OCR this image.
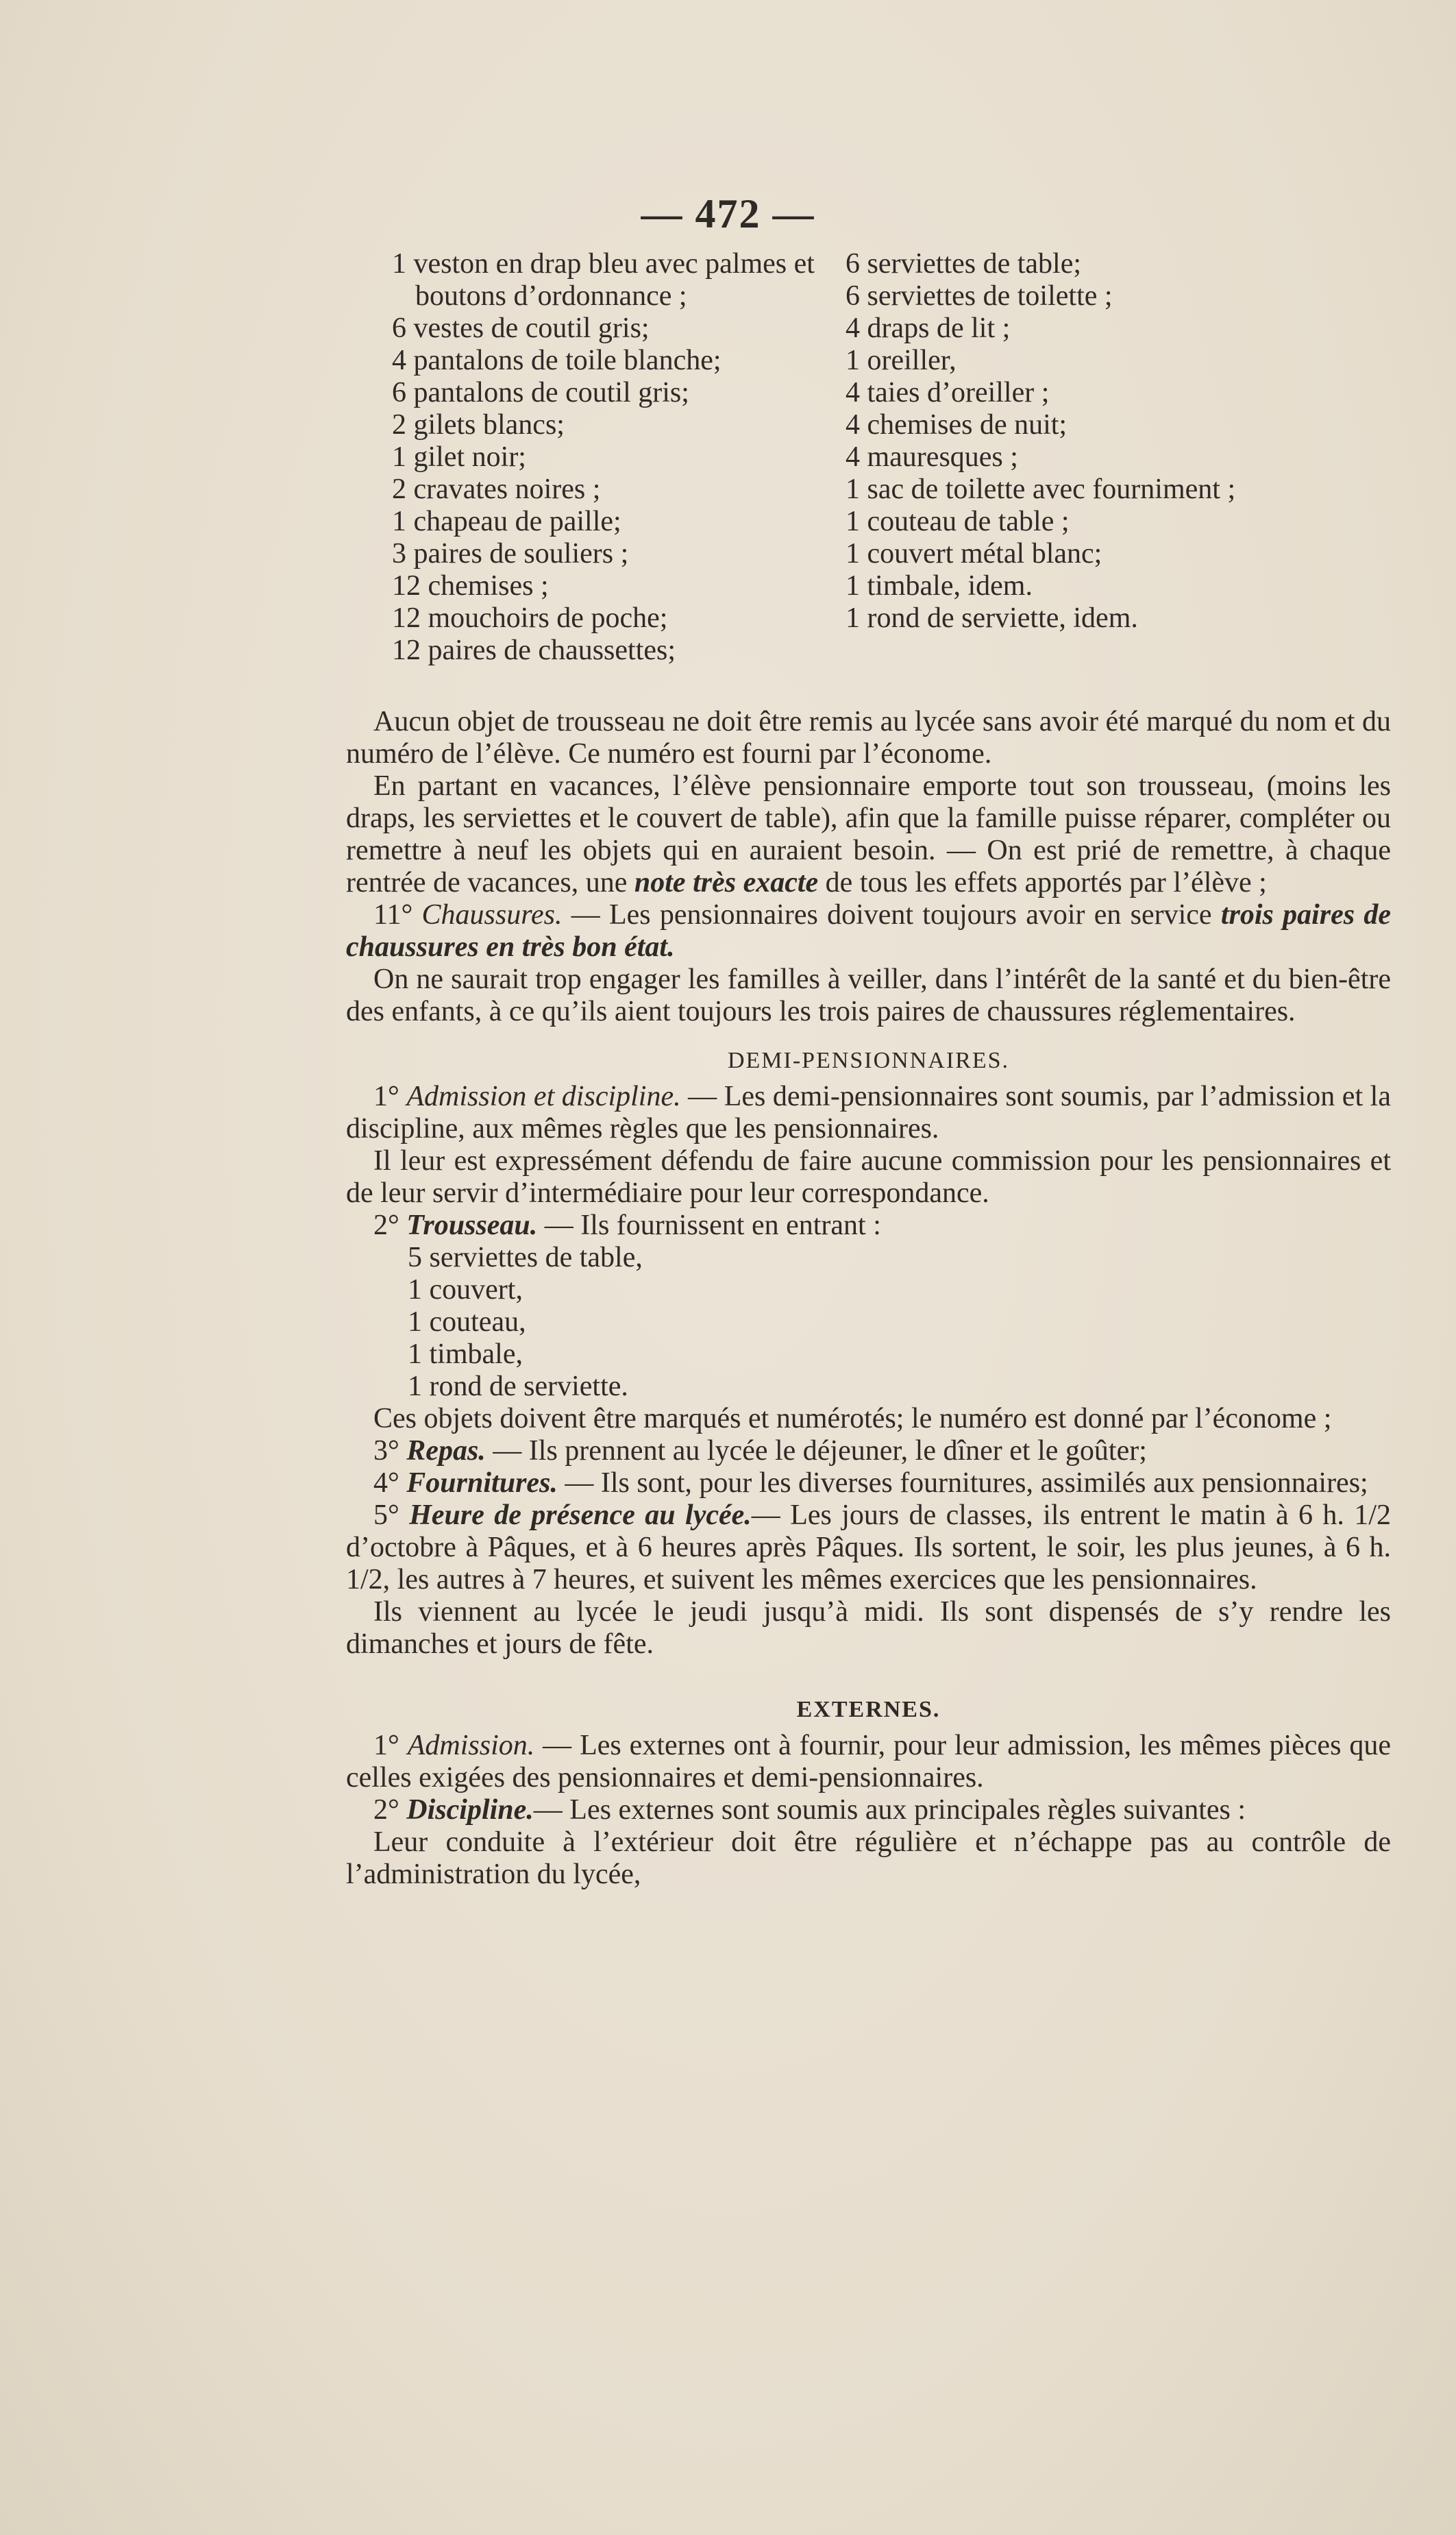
— 472 —

1 veston en drap bleu avec palmes et boutons d’ordonnance ;

6 vestes de coutil gris;

4 pantalons de toile blanche;

6 pantalons de coutil gris;

2 gilets blancs;

1 gilet noir;

2 cravates noires ;

1 chapeau de paille;

3 paires de souliers ;

12 chemises ;

12 mouchoirs de poche;

12 paires de chaussettes;

6 serviettes de table;

6 serviettes de toilette ;

4 draps de lit ;

1 oreiller,

4 taies d’oreiller ;

4 chemises de nuit;

4 mauresques ;

1 sac de toilette avec fourniment ;

1 couteau de table ;

1 couvert métal blanc;

1 timbale, idem.

1 rond de serviette, idem.

Aucun objet de trousseau ne doit être remis au lycée sans avoir été marqué du nom et du numéro de l’élève. Ce numéro est fourni par l’économe.

En partant en vacances, l’élève pensionnaire emporte tout son trousseau, (moins les draps, les serviettes et le couvert de table), afin que la famille puisse réparer, compléter ou remettre à neuf les objets qui en auraient besoin. — On est prié de remettre, à chaque rentrée de vacances, une note très exacte de tous les effets apportés par l’élève ;

11° Chaussures. — Les pensionnaires doivent toujours avoir en service trois paires de chaussures en très bon état.

On ne saurait trop engager les familles à veiller, dans l’intérêt de la santé et du bien-être des enfants, à ce qu’ils aient toujours les trois paires de chaussures réglementaires.

DEMI-PENSIONNAIRES.

1° Admission et discipline. — Les demi-pensionnaires sont soumis, par l’admission et la discipline, aux mêmes règles que les pensionnaires.

Il leur est expressément défendu de faire aucune commission pour les pensionnaires et de leur servir d’intermédiaire pour leur correspondance.

2° Trousseau. — Ils fournissent en entrant :

5 serviettes de table,

1 couvert,

1 couteau,

1 timbale,

1 rond de serviette.

Ces objets doivent être marqués et numérotés; le numéro est donné par l’économe ;

3° Repas. — Ils prennent au lycée le déjeuner, le dîner et le goûter;

4° Fournitures. — Ils sont, pour les diverses fournitures, assimilés aux pensionnaires;

5° Heure de présence au lycée.— Les jours de classes, ils entrent le matin à 6 h. 1/2 d’octobre à Pâques, et à 6 heures après Pâques. Ils sortent, le soir, les plus jeunes, à 6 h. 1/2, les autres à 7 heures, et suivent les mêmes exercices que les pensionnaires.

Ils viennent au lycée le jeudi jusqu’à midi. Ils sont dispensés de s’y rendre les dimanches et jours de fête.

EXTERNES.

1° Admission. — Les externes ont à fournir, pour leur admission, les mêmes pièces que celles exigées des pensionnaires et demi-pensionnaires.

2° Discipline.— Les externes sont soumis aux principales règles suivantes :

Leur conduite à l’extérieur doit être régulière et n’échappe pas au contrôle de l’administration du lycée,
